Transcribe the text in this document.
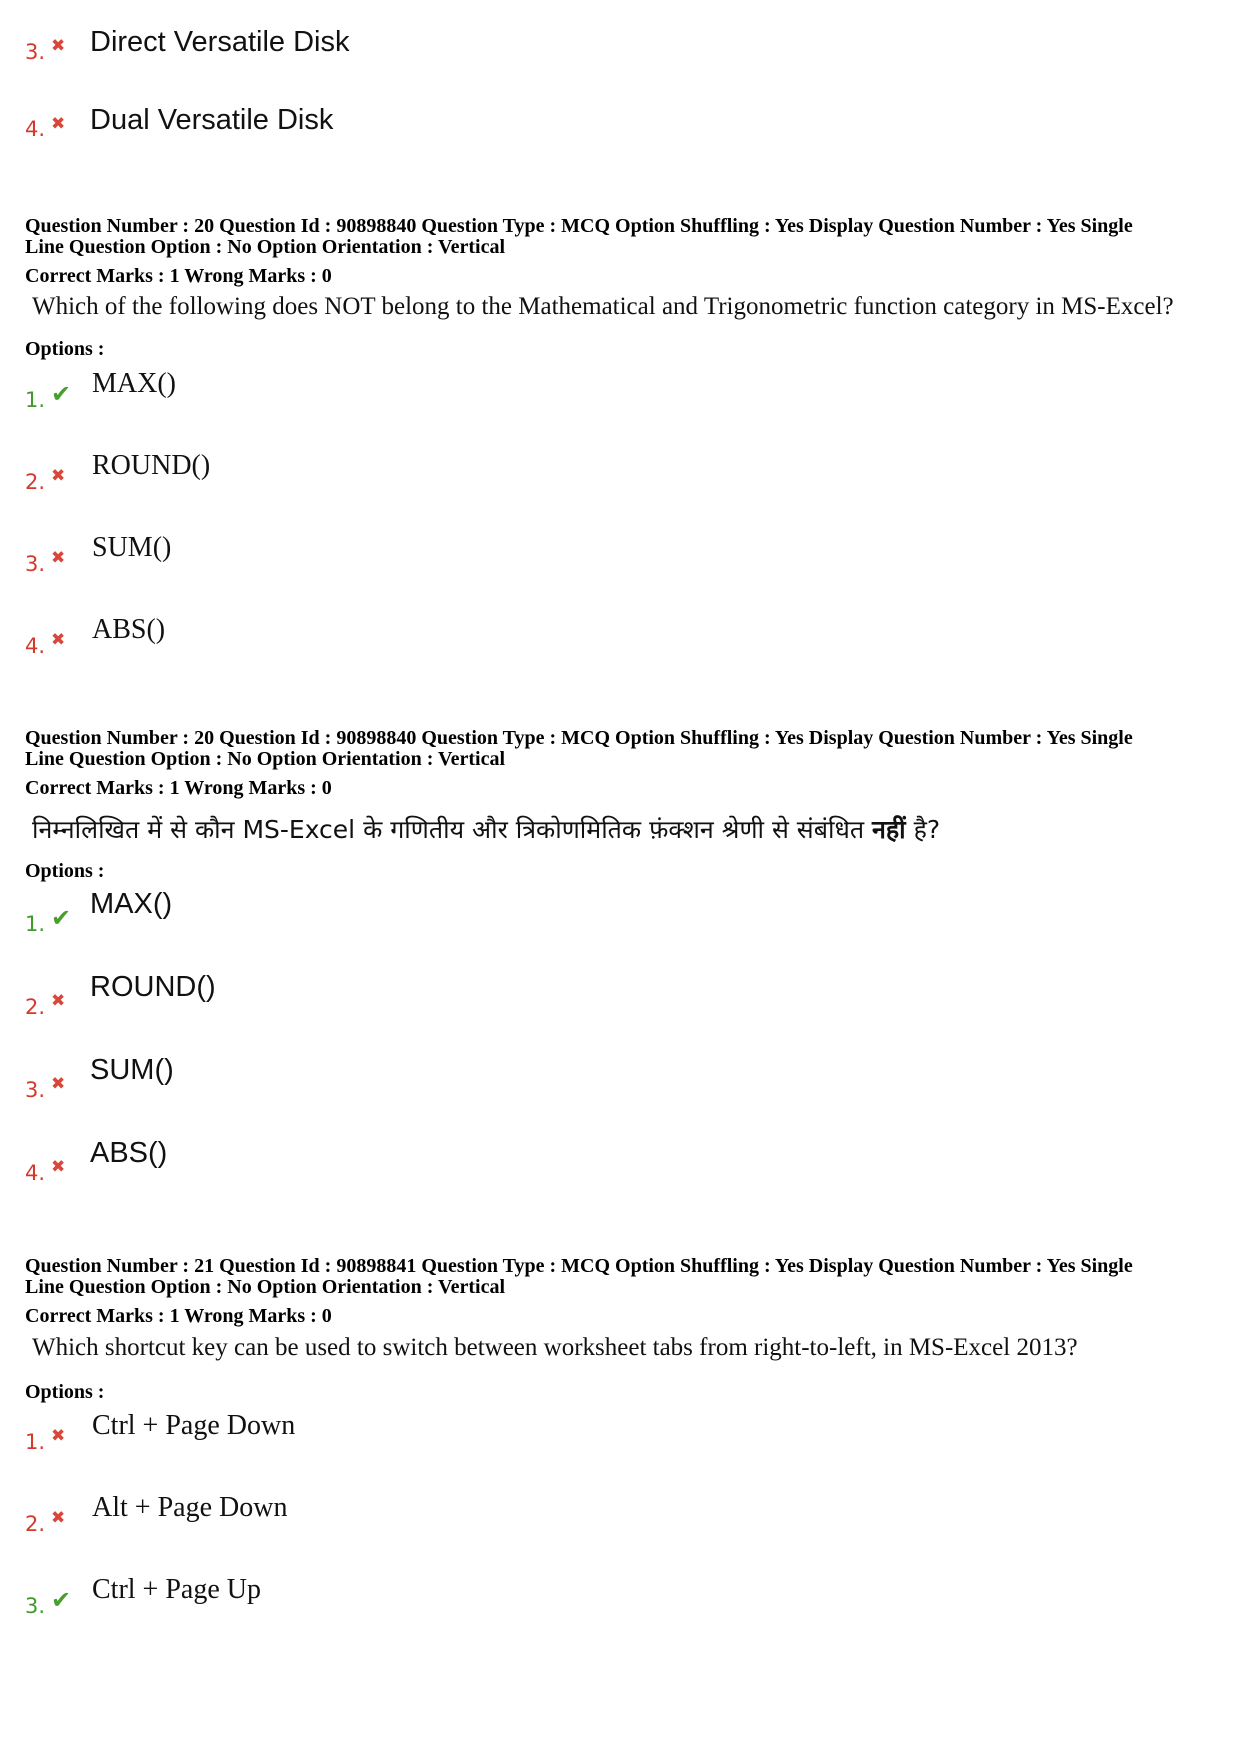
3. ✖ Direct Versatile Disk
4. ✖ Dual Versatile Disk
Question Number : 20 Question Id : 90898840 Question Type : MCQ Option Shuffling : Yes Display Question Number : Yes Single
Line Question Option : No Option Orientation : Vertical
Correct Marks : 1 Wrong Marks : 0
Which of the following does NOT belong to the Mathematical and Trigonometric function category in MS-Excel?
Options :
1. ✔ MAX()
2. ✖ ROUND()
3. ✖ SUM()
4. ✖ ABS()
Question Number : 20 Question Id : 90898840 Question Type : MCQ Option Shuffling : Yes Display Question Number : Yes Single
Line Question Option : No Option Orientation : Vertical
Correct Marks : 1 Wrong Marks : 0
निम्नलिखित में से कौन MS-Excel के गणितीय और त्रिकोणमितिक फ़ंक्शन श्रेणी से संबंधित नहीं है?
Options :
1. ✔ MAX()
2. ✖ ROUND()
3. ✖ SUM()
4. ✖ ABS()
Question Number : 21 Question Id : 90898841 Question Type : MCQ Option Shuffling : Yes Display Question Number : Yes Single
Line Question Option : No Option Orientation : Vertical
Correct Marks : 1 Wrong Marks : 0
Which shortcut key can be used to switch between worksheet tabs from right-to-left, in MS-Excel 2013?
Options :
1. ✖ Ctrl + Page Down
2. ✖ Alt + Page Down
3. ✔ Ctrl + Page Up
